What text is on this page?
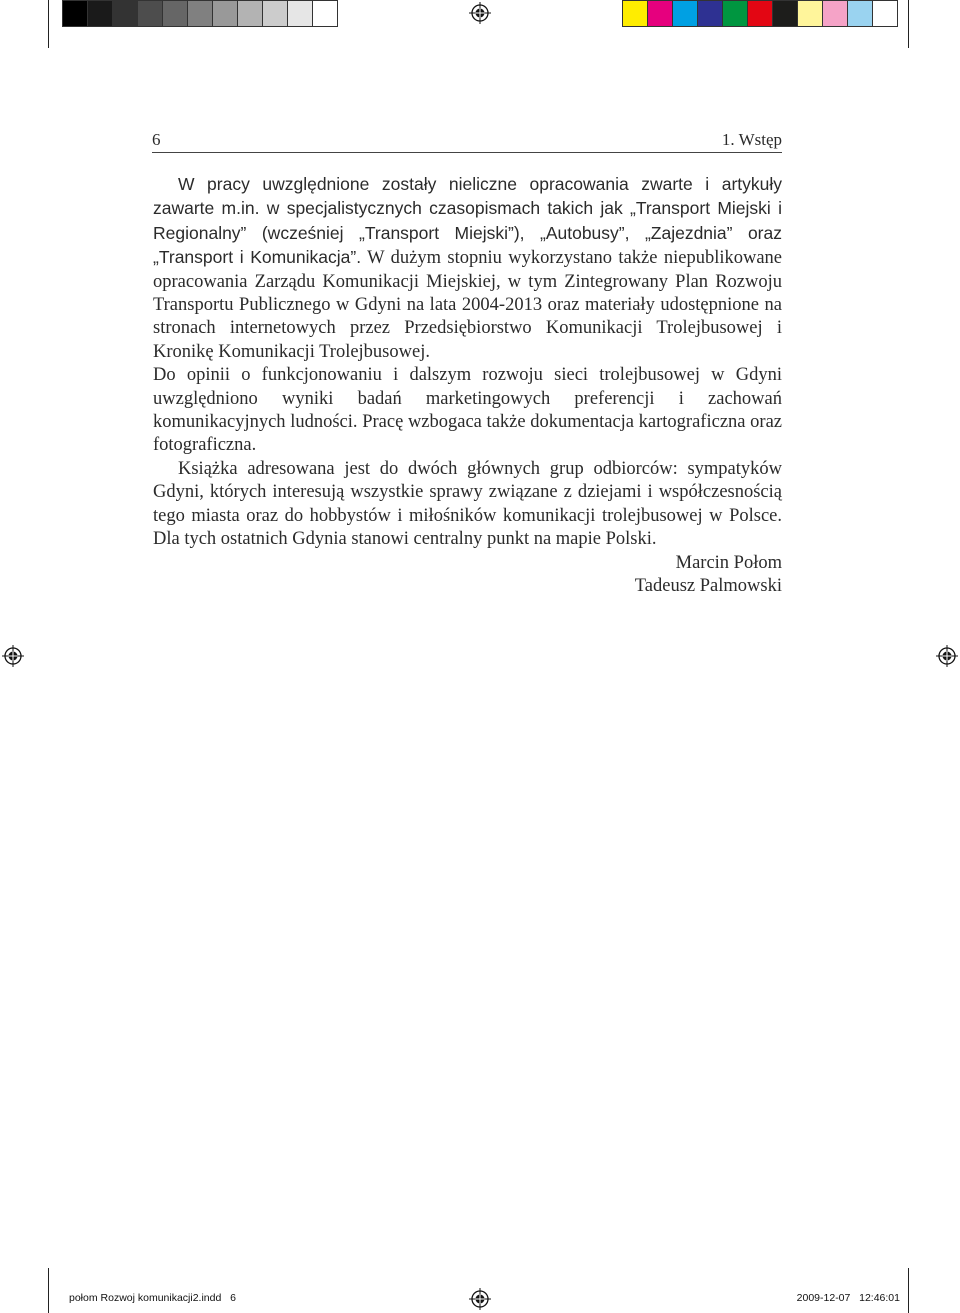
6	1. Wstęp

W pracy uwzględnione zostały nieliczne opracowania zwarte i artykuły zawarte m.in. w specjalistycznych czasopismach takich jak „Transport Miejski i Regionalny” (wcześniej „Transport Miejski”), „Autobusy”, „Zajezdnia” oraz „Transport i Komunikacja”. W dużym stopniu wykorzystano także niepublikowane opracowania Zarządu Komunikacji Miejskiej, w tym Zintegrowany Plan Rozwoju Transportu Publicznego w Gdyni na lata 2004-2013 oraz materiały udostępnione na stronach internetowych przez Przedsiębiorstwo Komunikacji Trolejbusowej i Kronikę Komunikacji Trolejbusowej.

Do opinii o funkcjonowaniu i dalszym rozwoju sieci trolejbusowej w Gdyni uwzględniono wyniki badań marketingowych preferencji i zachowań komunikacyjnych ludności. Pracę wzbogaca także dokumentacja kartograficzna oraz fotograficzna.

Książka adresowana jest do dwóch głównych grup odbiorców: sympatyków Gdyni, których interesują wszystkie sprawy związane z dziejami i współczesnością tego miasta oraz do hobbystów i miłośników komunikacji trolejbusowej w Polsce. Dla tych ostatnich Gdynia stanowi centralny punkt na mapie Polski.

Marcin Połom
Tadeusz Palmowski
połom Rozwoj komunikacji2.indd   6	2009-12-07   12:46:01
